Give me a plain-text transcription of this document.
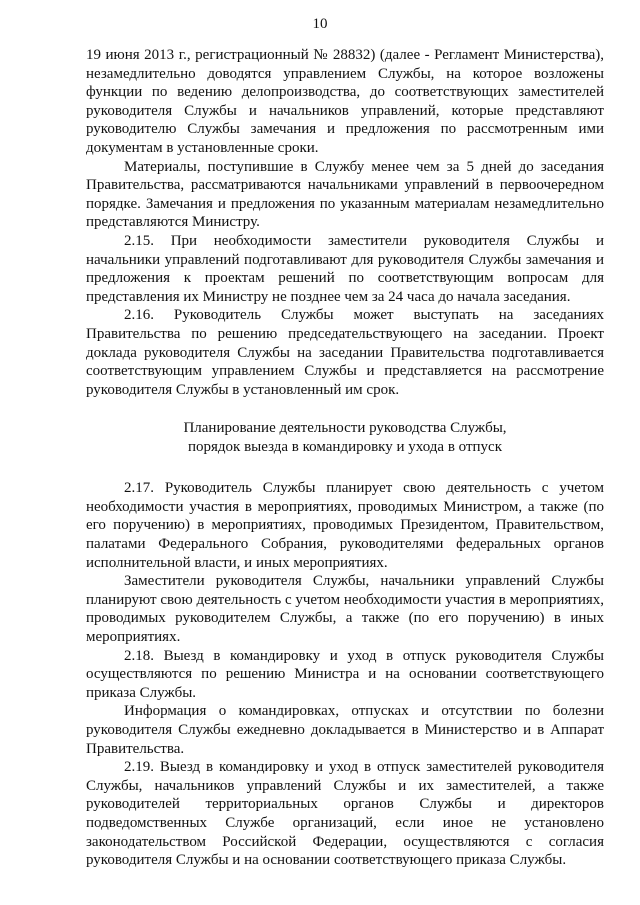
10

19 июня 2013 г., регистрационный № 28832) (далее - Регламент Министерства), незамедлительно доводятся управлением Службы, на которое возложены функции по ведению делопроизводства, до соответствующих заместителей руководителя Службы и начальников управлений, которые представляют руководителю Службы замечания и предложения по рассмотренным ими документам в установленные сроки.

Материалы, поступившие в Службу менее чем за 5 дней до заседания Правительства, рассматриваются начальниками управлений в первоочередном порядке. Замечания и предложения по указанным материалам незамедлительно представляются Министру.

2.15. При необходимости заместители руководителя Службы и начальники управлений подготавливают для руководителя Службы замечания и предложения к проектам решений по соответствующим вопросам для представления их Министру не позднее чем за 24 часа до начала заседания.

2.16. Руководитель Службы может выступать на заседаниях Правительства по решению председательствующего на заседании. Проект доклада руководителя Службы на заседании Правительства подготавливается соответствующим управлением Службы и представляется на рассмотрение руководителя Службы в установленный им срок.

Планирование деятельности руководства Службы,
порядок выезда в командировку и ухода в отпуск

2.17. Руководитель Службы планирует свою деятельность с учетом необходимости участия в мероприятиях, проводимых Министром, а также (по его поручению) в мероприятиях, проводимых Президентом, Правительством, палатами Федерального Собрания, руководителями федеральных органов исполнительной власти, и иных мероприятиях.

Заместители руководителя Службы, начальники управлений Службы планируют свою деятельность с учетом необходимости участия в мероприятиях, проводимых руководителем Службы, а также (по его поручению) в иных мероприятиях.

2.18. Выезд в командировку и уход в отпуск руководителя Службы осуществляются по решению Министра и на основании соответствующего приказа Службы.

Информация о командировках, отпусках и отсутствии по болезни руководителя Службы ежедневно докладывается в Министерство и в Аппарат Правительства.

2.19. Выезд в командировку и уход в отпуск заместителей руководителя Службы, начальников управлений Службы и их заместителей, а также руководителей территориальных органов Службы и директоров подведомственных Службе организаций, если иное не установлено законодательством Российской Федерации, осуществляются с согласия руководителя Службы и на основании соответствующего приказа Службы.
